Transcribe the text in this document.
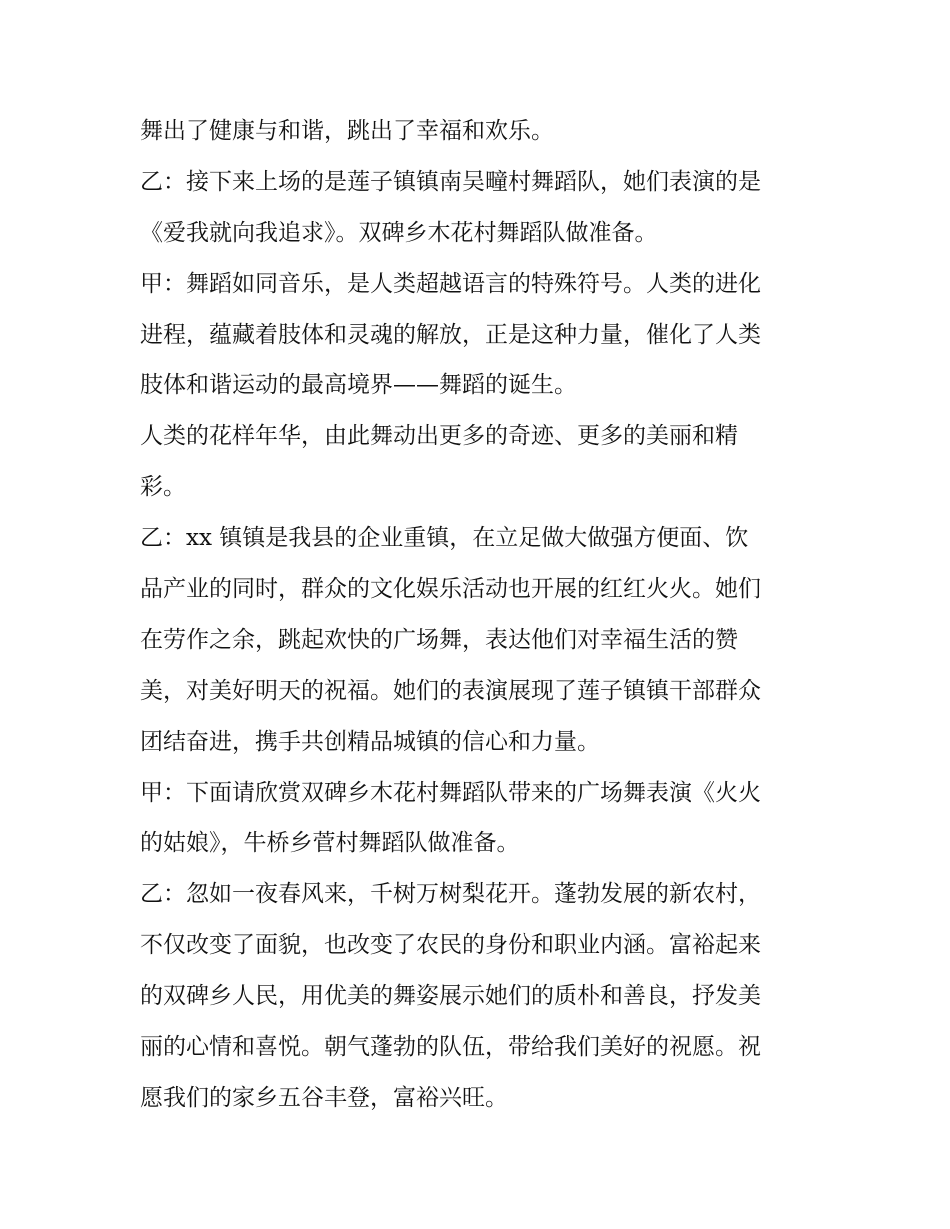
舞出了健康与和谐，跳出了幸福和欢乐。
乙：接下来上场的是莲子镇镇南吴疃村舞蹈队，她们表演的是
《爱我就向我追求》。双碑乡木花村舞蹈队做准备。
甲：舞蹈如同音乐，是人类超越语言的特殊符号。人类的进化
进程，蕴藏着肢体和灵魂的解放，正是这种力量，催化了人类
肢体和谐运动的最高境界——舞蹈的诞生。
人类的花样年华，由此舞动出更多的奇迹、更多的美丽和精
彩。
乙：xx 镇镇是我县的企业重镇，在立足做大做强方便面、饮
品产业的同时，群众的文化娱乐活动也开展的红红火火。她们
在劳作之余，跳起欢快的广场舞，表达他们对幸福生活的赞
美，对美好明天的祝福。她们的表演展现了莲子镇镇干部群众
团结奋进，携手共创精品城镇的信心和力量。
甲：下面请欣赏双碑乡木花村舞蹈队带来的广场舞表演《火火
的姑娘》，牛桥乡菅村舞蹈队做准备。
乙：忽如一夜春风来，千树万树梨花开。蓬勃发展的新农村，
不仅改变了面貌，也改变了农民的身份和职业内涵。富裕起来
的双碑乡人民，用优美的舞姿展示她们的质朴和善良，抒发美
丽的心情和喜悦。朝气蓬勃的队伍，带给我们美好的祝愿。祝
愿我们的家乡五谷丰登，富裕兴旺。
